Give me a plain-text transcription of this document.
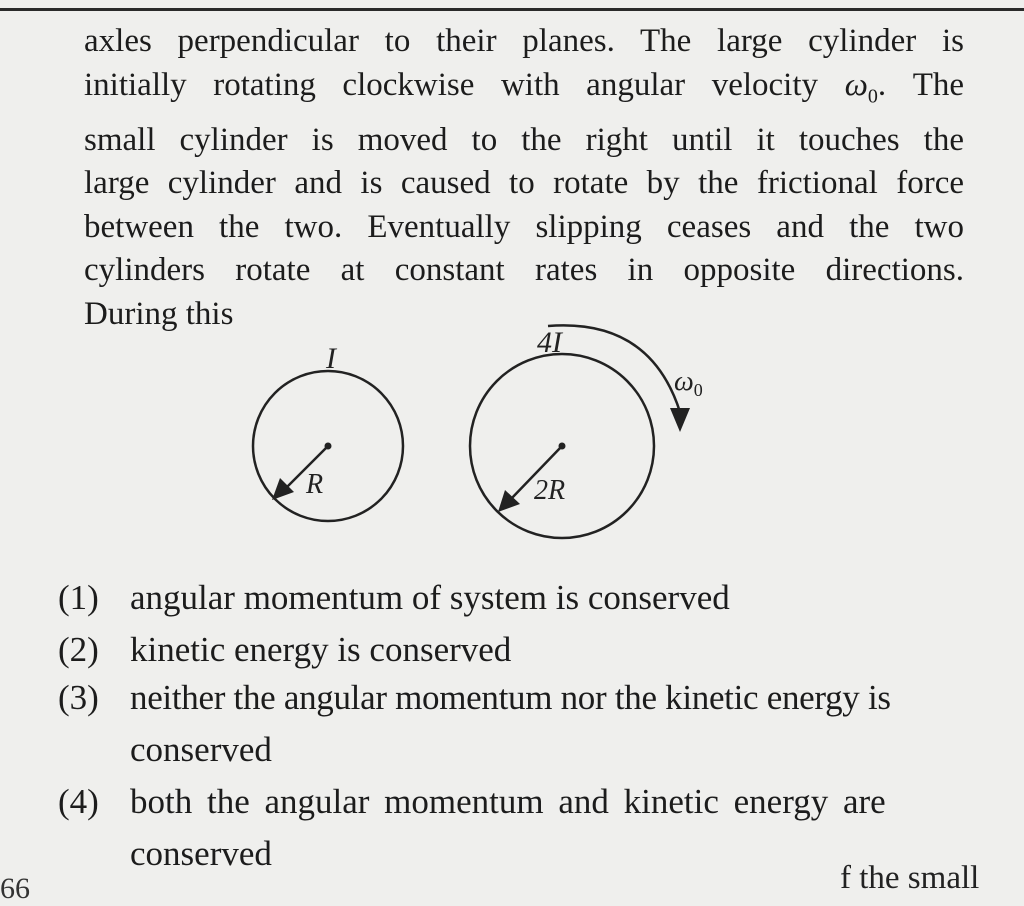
axles perpendicular to their planes. The large cylinder is
initially rotating clockwise with angular velocity $\omega_0$. The
small cylinder is moved to the right until it touches the
large cylinder and is caused to rotate by the frictional force
between the two. Eventually slipping ceases and the two
cylinders rotate at constant rates in opposite directions.
During this
I
R
4I
2R
$\omega_0$
(1) angular momentum of system is conserved
(2) kinetic energy is conserved
(3) neither the angular momentum nor the kinetic energy is
conserved
(4) both the angular momentum and kinetic energy are
conserved
f the small
66
